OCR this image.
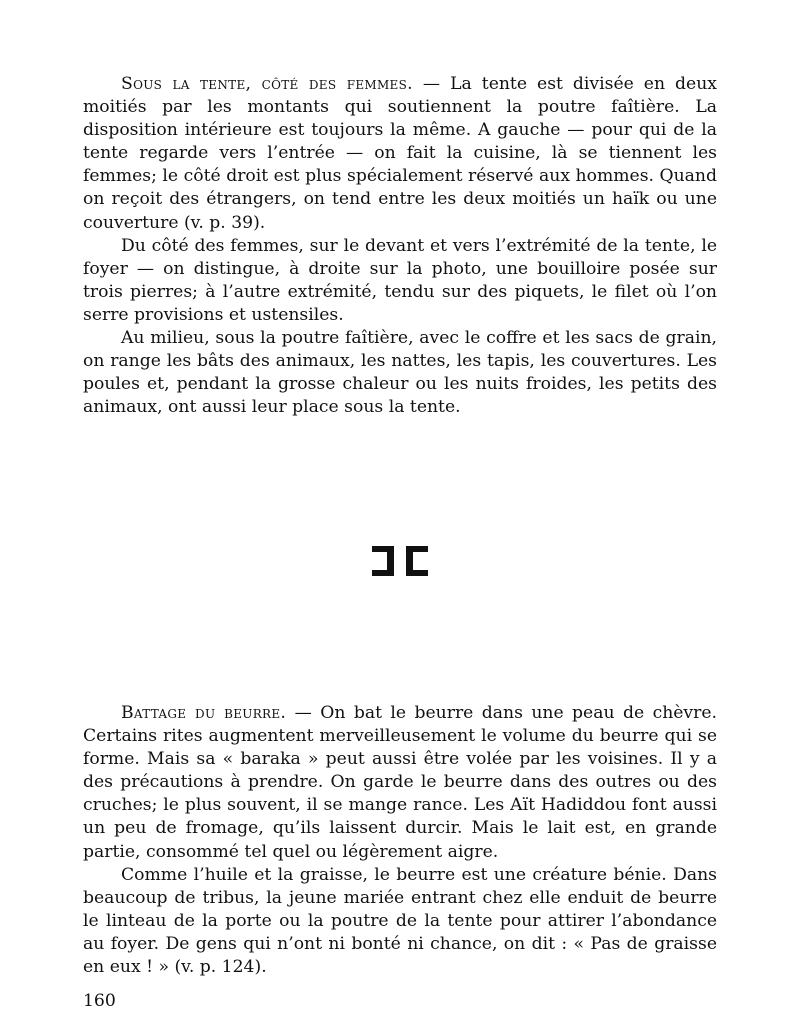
Sous la tente, côté des femmes. — La tente est divisée en deux moitiés par les montants qui soutiennent la poutre faîtière. La disposition intérieure est toujours la même. A gauche — pour qui de la tente regarde vers l’entrée — on fait la cuisine, là se tiennent les femmes; le côté droit est plus spécialement réservé aux hommes. Quand on reçoit des étrangers, on tend entre les deux moitiés un haïk ou une couverture (v. p. 39).

Du côté des femmes, sur le devant et vers l’extrémité de la tente, le foyer — on distingue, à droite sur la photo, une bouilloire posée sur trois pierres; à l’autre extrémité, tendu sur des piquets, le filet où l’on serre provisions et ustensiles.

Au milieu, sous la poutre faîtière, avec le coffre et les sacs de grain, on range les bâts des animaux, les nattes, les tapis, les couvertures. Les poules et, pendant la grosse chaleur ou les nuits froides, les petits des animaux, ont aussi leur place sous la tente.

Battage du beurre. — On bat le beurre dans une peau de chèvre. Certains rites augmentent merveilleusement le volume du beurre qui se forme. Mais sa « baraka » peut aussi être volée par les voisines. Il y a des précautions à prendre. On garde le beurre dans des outres ou des cruches; le plus souvent, il se mange rance. Les Aït Hadiddou font aussi un peu de fromage, qu’ils laissent durcir. Mais le lait est, en grande partie, consommé tel quel ou légèrement aigre.

Comme l’huile et la graisse, le beurre est une créature bénie. Dans beaucoup de tribus, la jeune mariée entrant chez elle enduit de beurre le linteau de la porte ou la poutre de la tente pour attirer l’abondance au foyer. De gens qui n’ont ni bonté ni chance, on dit : « Pas de graisse en eux ! » (v. p. 124).

160
